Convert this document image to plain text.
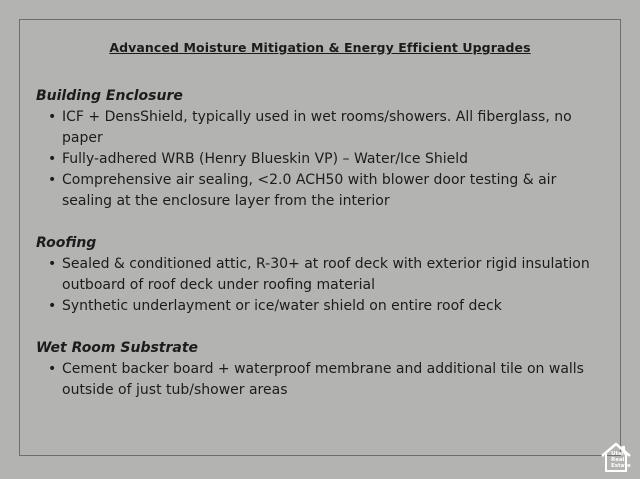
Advanced Moisture Mitigation & Energy Efficient Upgrades
Building Enclosure
• ICF + DensShield, typically used in wet rooms/showers. All fiberglass, no paper
• Fully-adhered WRB (Henry Blueskin VP) – Water/Ice Shield
• Comprehensive air sealing, <2.0 ACH50 with blower door testing & air sealing at the enclosure layer from the interior
Roofing
• Sealed & conditioned attic, R-30+ at roof deck with exterior rigid insulation outboard of roof deck under roofing material
• Synthetic underlayment or ice/water shield on entire roof deck
Wet Room Substrate
• Cement backer board + waterproof membrane and additional tile on walls outside of just tub/shower areas
Utah
Real
Estate
